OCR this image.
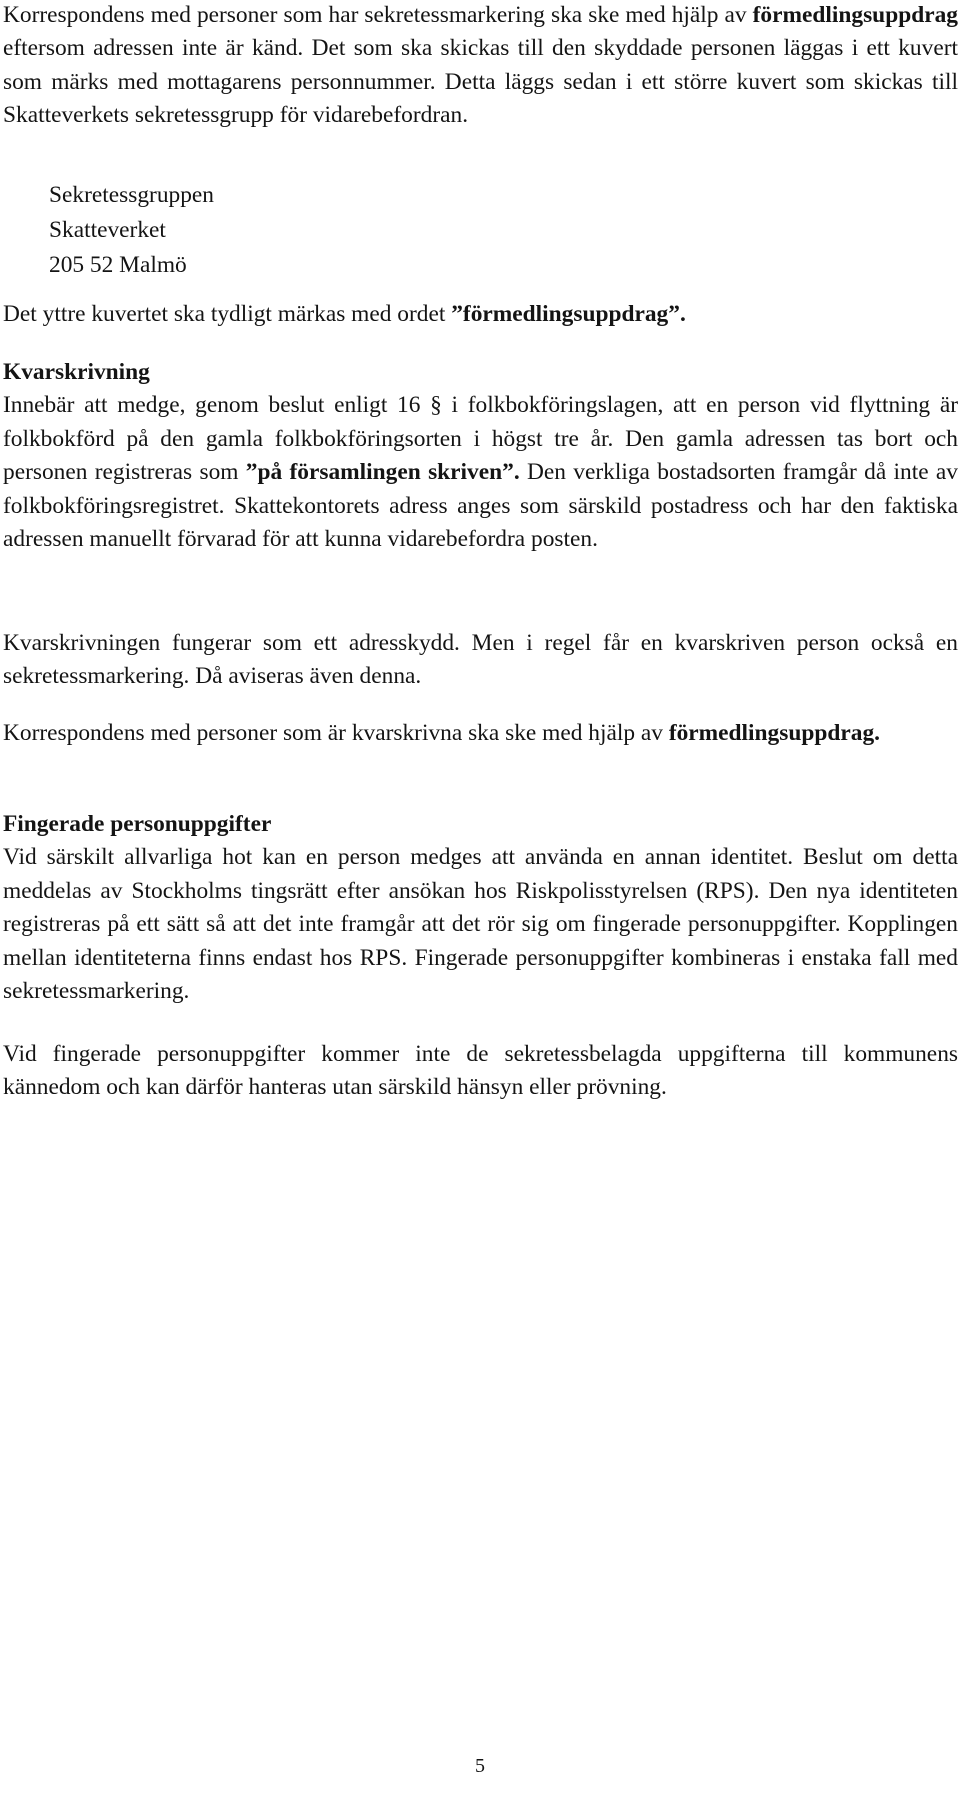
Korrespondens med personer som har sekretessmarkering ska ske med hjälp av förmedlingsuppdrag eftersom adressen inte är känd. Det som ska skickas till den skyddade personen läggas i ett kuvert som märks med mottagarens personnummer. Detta läggs sedan i ett större kuvert som skickas till Skatteverkets sekretessgrupp för vidarebefordran.

Sekretessgruppen

Skatteverket

205 52 Malmö

Det yttre kuvertet ska tydligt märkas med ordet ”förmedlingsuppdrag”.

Kvarskrivning

Innebär att medge, genom beslut enligt 16 § i folkbokföringslagen, att en person vid flyttning är folkbokförd på den gamla folkbokföringsorten i högst tre år. Den gamla adressen tas bort och personen registreras som ”på församlingen skriven”. Den verkliga bostadsorten framgår då inte av folkbokföringsregistret. Skattekontorets adress anges som särskild postadress och har den faktiska adressen manuellt förvarad för att kunna vidarebefordra posten.

Kvarskrivningen fungerar som ett adresskydd. Men i regel får en kvarskriven person också en sekretessmarkering. Då aviseras även denna.

Korrespondens med personer som är kvarskrivna ska ske med hjälp av förmedlingsuppdrag.

Fingerade personuppgifter

Vid särskilt allvarliga hot kan en person medges att använda en annan identitet. Beslut om detta meddelas av Stockholms tingsrätt efter ansökan hos Riskpolisstyrelsen (RPS). Den nya identiteten registreras på ett sätt så att det inte framgår att det rör sig om fingerade personuppgifter. Kopplingen mellan identiteterna finns endast hos RPS. Fingerade personuppgifter kombineras i enstaka fall med sekretessmarkering.

Vid fingerade personuppgifter kommer inte de sekretessbelagda uppgifterna till kommunens kännedom och kan därför hanteras utan särskild hänsyn eller prövning.

5
